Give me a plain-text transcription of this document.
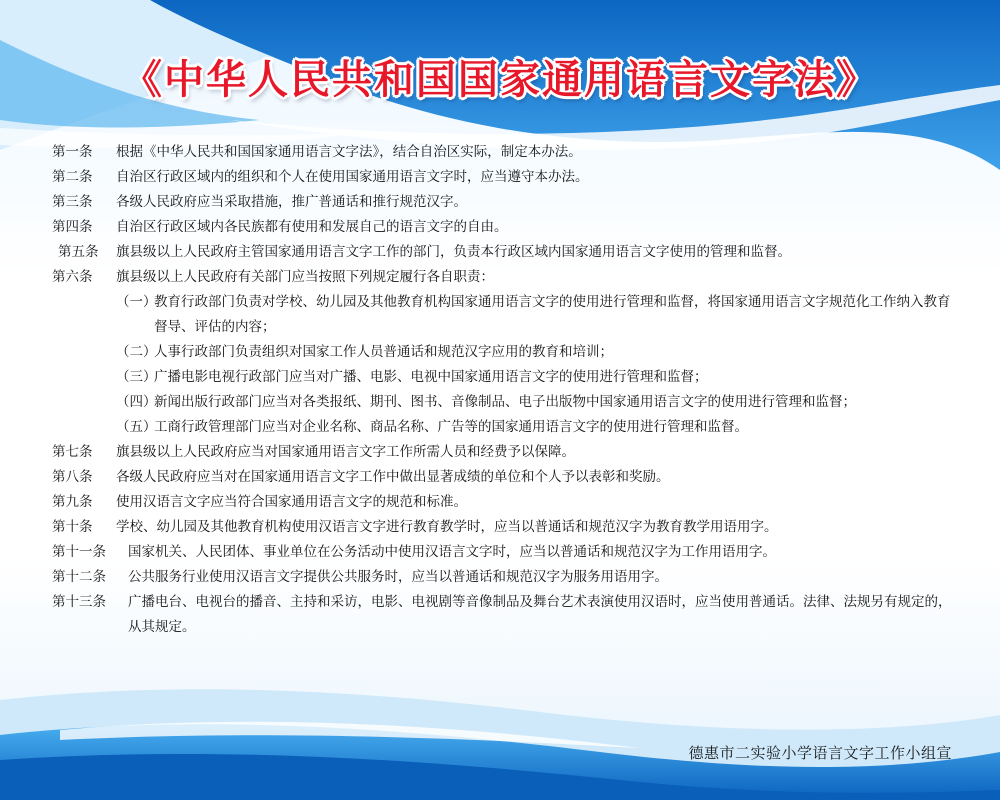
《中华人民共和国国家通用语言文字法》
第一条	根据《中华人民共和国国家通用语言文字法》，结合自治区实际，制定本办法。
第二条	自治区行政区域内的组织和个人在使用国家通用语言文字时，应当遵守本办法。
第三条	各级人民政府应当采取措施，推广普通话和推行规范汉字。
第四条	自治区行政区域内各民族都有使用和发展自己的语言文字的自由。
第五条	旗县级以上人民政府主管国家通用语言文字工作的部门，负责本行政区域内国家通用语言文字使用的管理和监督。
第六条	旗县级以上人民政府有关部门应当按照下列规定履行各自职责：
（一）
教育行政部门负责对学校、幼儿园及其他教育机构国家通用语言文字的使用进行管理和监督，将国家通用语言文字规范化工作纳入教育督导、评估的内容；
（二）
人事行政部门负责组织对国家工作人员普通话和规范汉字应用的教育和培训；
（三）
广播电影电视行政部门应当对广播、电影、电视中国家通用语言文字的使用进行管理和监督；
（四）
新闻出版行政部门应当对各类报纸、期刊、图书、音像制品、电子出版物中国家通用语言文字的使用进行管理和监督；
（五）
工商行政管理部门应当对企业名称、商品名称、广告等的国家通用语言文字的使用进行管理和监督。
第七条	旗县级以上人民政府应当对国家通用语言文字工作所需人员和经费予以保障。
第八条	各级人民政府应当对在国家通用语言文字工作中做出显著成绩的单位和个人予以表彰和奖励。
第九条	使用汉语言文字应当符合国家通用语言文字的规范和标准。
第十条	学校、幼儿园及其他教育机构使用汉语言文字进行教育教学时，应当以普通话和规范汉字为教育教学用语用字。
第十一条	国家机关、人民团体、事业单位在公务活动中使用汉语言文字时，应当以普通话和规范汉字为工作用语用字。
第十二条	公共服务行业使用汉语言文字提供公共服务时，应当以普通话和规范汉字为服务用语用字。
第十三条	广播电台、电视台的播音、主持和采访，电影、电视剧等音像制品及舞台艺术表演使用汉语时，应当使用普通话。法律、法规另有规定的，从其规定。
德惠市二实验小学语言文字工作小组宣
